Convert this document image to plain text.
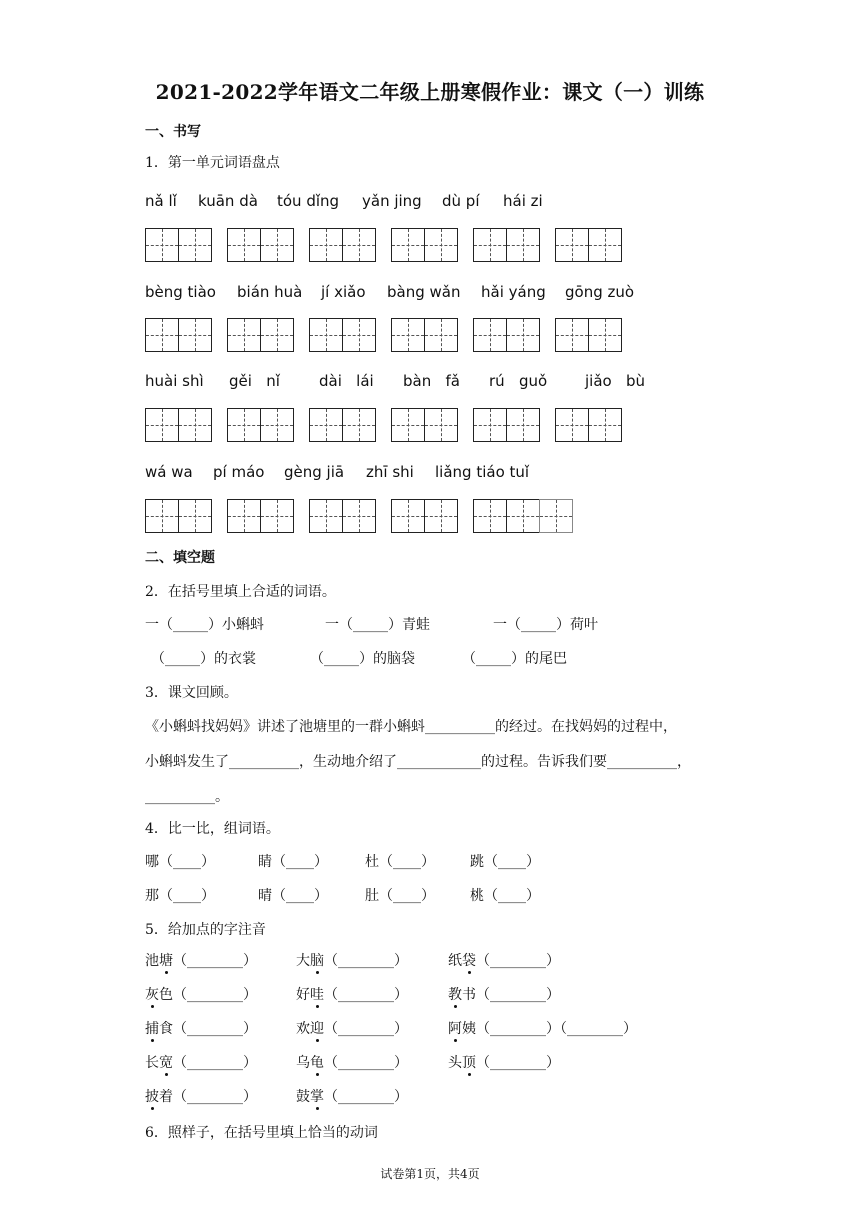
2021-2022学年语文二年级上册寒假作业：课文（一）训练
一、书写
1．第一单元词语盘点
nǎ lǐ kuān dà tóu dǐng yǎn jing dù pí hái zi
bèng tiào bián huà jí xiǎo bàng wǎn hǎi yáng gōng zuò
huài shì gěi   nǐ	dài   lái bàn   fǎ rú   guǒ	jiǎo   bù
wá wa pí máo gèng jiā zhī shi liǎng tiáo tuǐ
二、填空题
2．在括号里填上合适的词语。
一（_____）小蝌蚪	一（_____）青蛙	一（_____）荷叶
（_____）的衣裳	（_____）的脑袋	（_____）的尾巴
3．课文回顾。
《小蝌蚪找妈妈》讲述了池塘里的一群小蝌蚪__________的经过。在找妈妈的过程中，
小蝌蚪发生了__________，生动地介绍了____________的过程。告诉我们要__________，
__________。
4．比一比，组词语。
哪（____）	睛（____）	杜（____）	跳（____）
那（____）	晴（____）	肚（____）	桃（____）
5．给加点的字注音
池塘（________）	大脑（________）	纸袋（________）
灰色（________）	好哇（________）	教书（________）
捕食（________）	欢迎（________）	阿姨（________）（________）
长宽（________）	乌龟（________）	头顶（________）
披着（________）	鼓掌（________）
6．照样子，在括号里填上恰当的动词
试卷第1页，共4页
